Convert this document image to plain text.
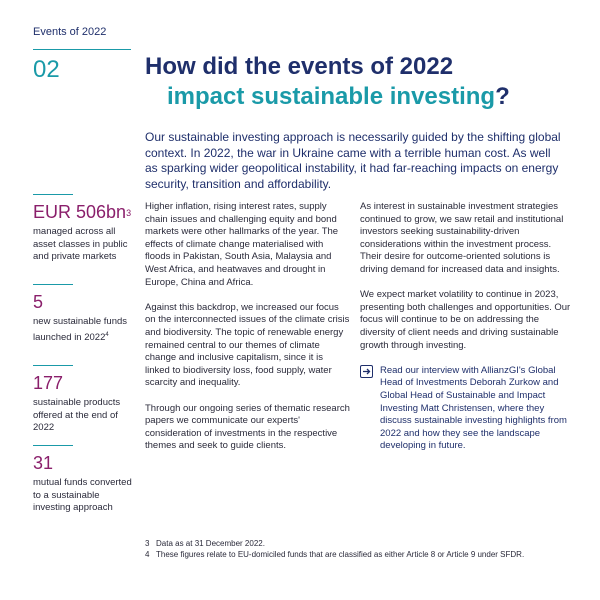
Events of 2022
02	How did the events of 2022
impact sustainable investing?

Our sustainable investing approach is necessarily guided by the shifting global context. In 2022, the war in Ukraine came with a terrible human cost. As well as sparking wider geopolitical instability, it had far-reaching impacts on energy security, transition and affordability.

EUR $506bn^3$
managed across all asset classes in public and private markets
5
new sustainable funds launched in 2022$^4$
177
sustainable products offered at the end of 2022
31
mutual funds converted to a sustainable investing approach

Higher inflation, rising interest rates, supply chain issues and challenging equity and bond markets were other hallmarks of the year. The effects of climate change materialised with floods in Pakistan, South Asia, Malaysia and West Africa, and heatwaves and drought in Europe, China and Africa.

Against this backdrop, we increased our focus on the interconnected issues of the climate crisis and biodiversity. The topic of renewable energy remained central to our themes of climate change and inclusive capitalism, since it is linked to biodiversity loss, food supply, water scarcity and inequality.

Through our ongoing series of thematic research papers we communicate our experts' consideration of investments in the respective themes and seek to guide clients.

As interest in sustainable investment strategies continued to grow, we saw retail and institutional investors seeking sustainability-driven considerations within the investment process. Their desire for outcome-oriented solutions is driving demand for increased data and insights.

We expect market volatility to continue in 2023, presenting both challenges and opportunities. Our focus will continue to be on addressing the diversity of client needs and driving sustainable growth through investing.

Read our interview with AllianzGI's Global Head of Investments Deborah Zurkow and Global Head of Sustainable and Impact Investing Matt Christensen, where they discuss sustainable investing highlights from 2022 and how they see the landscape developing in future.
3 Data as at 31 December 2022.
4 These figures relate to EU-domiciled funds that are classified as either Article 8 or Article 9 under SFDR.
